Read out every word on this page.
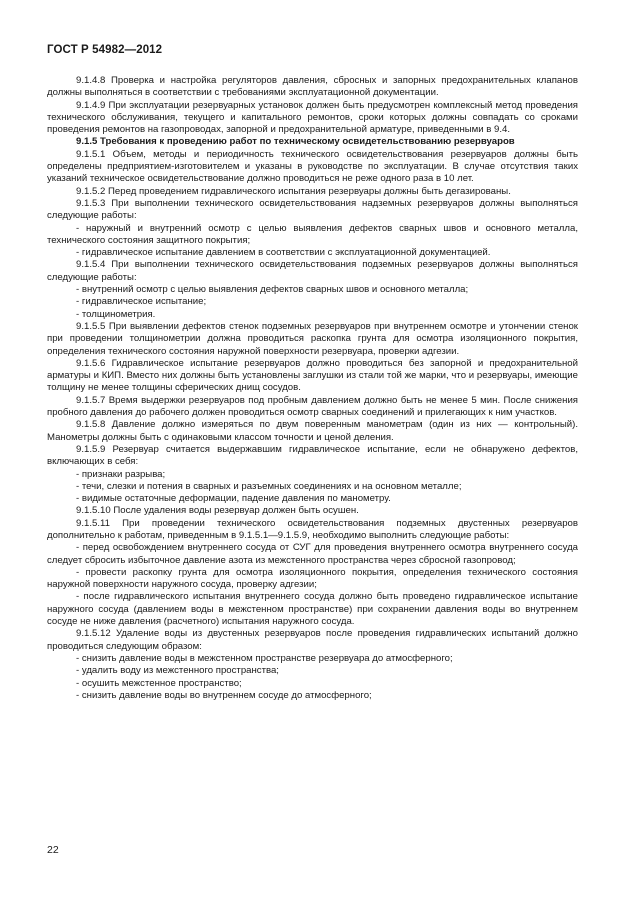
ГОСТ Р 54982—2012

9.1.4.8 Проверка и настройка регуляторов давления, сбросных и запорных предохранительных клапанов должны выполняться в соответствии с требованиями эксплуатационной документации.

9.1.4.9 При эксплуатации резервуарных установок должен быть предусмотрен комплексный метод проведения технического обслуживания, текущего и капитального ремонтов, сроки которых должны совпадать со сроками проведения ремонтов на газопроводах, запорной и предохранительной арматуре, приведенными в 9.4.

9.1.5 Требования к проведению работ по техническому освидетельствованию резервуаров

9.1.5.1 Объем, методы и периодичность технического освидетельствования резервуаров должны быть определены предприятием-изготовителем и указаны в руководстве по эксплуатации. В случае отсутствия таких указаний техническое освидетельствование должно проводиться не реже одного раза в 10 лет.

9.1.5.2 Перед проведением гидравлического испытания резервуары должны быть дегазированы.

9.1.5.3 При выполнении технического освидетельствования надземных резервуаров должны выполняться следующие работы:

- наружный и внутренний осмотр с целью выявления дефектов сварных швов и основного металла, технического состояния защитного покрытия;

- гидравлическое испытание давлением в соответствии с эксплуатационной документацией.

9.1.5.4 При выполнении технического освидетельствования подземных резервуаров должны выполняться следующие работы:

- внутренний осмотр с целью выявления дефектов сварных швов и основного металла;

- гидравлическое испытание;

- толщинометрия.

9.1.5.5 При выявлении дефектов стенок подземных резервуаров при внутреннем осмотре и утончении стенок при проведении толщинометрии должна проводиться раскопка грунта для осмотра изоляционного покрытия, определения технического состояния наружной поверхности резервуара, проверки адгезии.

9.1.5.6 Гидравлическое испытание резервуаров должно проводиться без запорной и предохранительной арматуры и КИП. Вместо них должны быть установлены заглушки из стали той же марки, что и резервуары, имеющие толщину не менее толщины сферических днищ сосудов.

9.1.5.7 Время выдержки резервуаров под пробным давлением должно быть не менее 5 мин. После снижения пробного давления до рабочего должен проводиться осмотр сварных соединений и прилегающих к ним участков.

9.1.5.8 Давление должно измеряться по двум поверенным манометрам (один из них — контрольный). Манометры должны быть с одинаковыми классом точности и ценой деления.

9.1.5.9 Резервуар считается выдержавшим гидравлическое испытание, если не обнаружено дефектов, включающих в себя:

- признаки разрыва;

- течи, слезки и потения в сварных и разъемных соединениях и на основном металле;

- видимые остаточные деформации, падение давления по манометру.

9.1.5.10 После удаления воды резервуар должен быть осушен.

9.1.5.11 При проведении технического освидетельствования подземных двустенных резервуаров дополнительно к работам, приведенным в 9.1.5.1—9.1.5.9, необходимо выполнить следующие работы:

- перед освобождением внутреннего сосуда от СУГ для проведения внутреннего осмотра внутреннего сосуда следует сбросить избыточное давление азота из межстенного пространства через сбросной газопровод;

- провести раскопку грунта для осмотра изоляционного покрытия, определения технического состояния наружной поверхности наружного сосуда, проверку адгезии;

- после гидравлического испытания внутреннего сосуда должно быть проведено гидравлическое испытание наружного сосуда (давлением воды в межстенном пространстве) при сохранении давления воды во внутреннем сосуде не ниже давления (расчетного) испытания наружного сосуда.

9.1.5.12 Удаление воды из двустенных резервуаров после проведения гидравлических испытаний должно проводиться следующим образом:

- снизить давление воды в межстенном пространстве резервуара до атмосферного;

- удалить воду из межстенного пространства;

- осушить межстенное пространство;

- снизить давление воды во внутреннем сосуде до атмосферного;

22
